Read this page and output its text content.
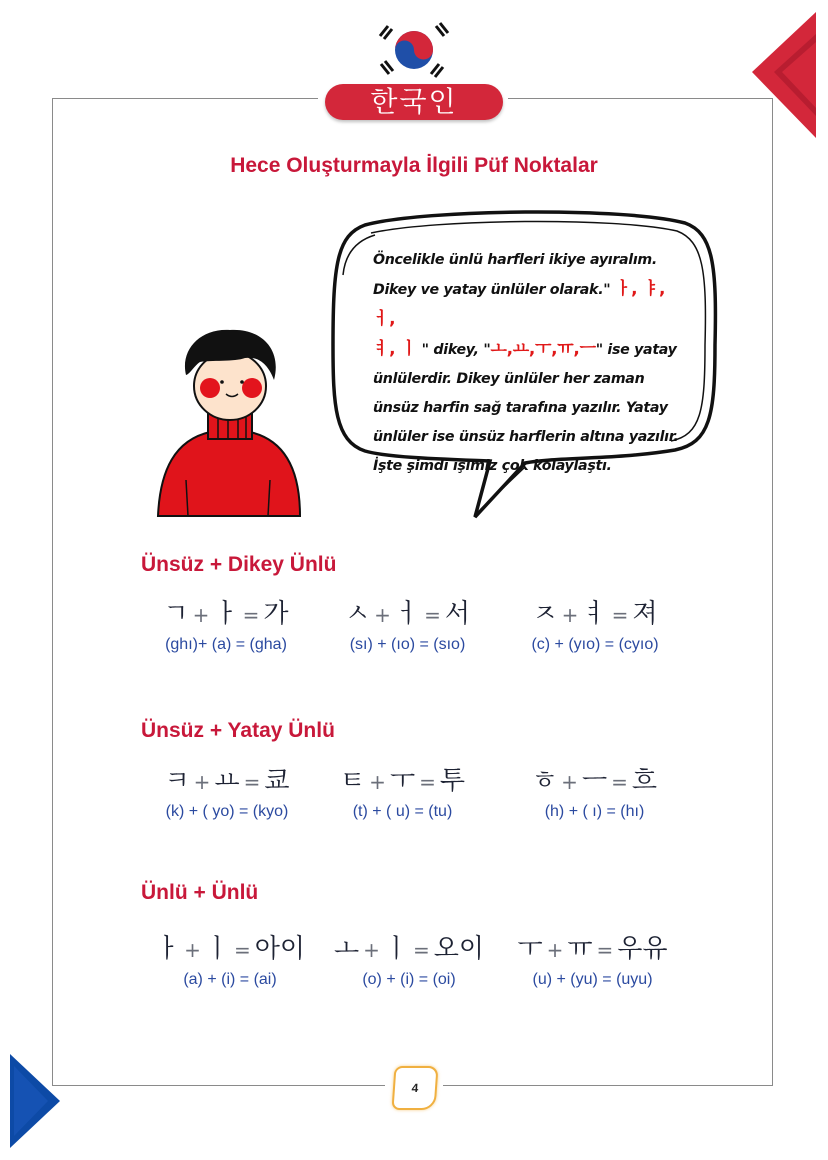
한국인
Hece Oluşturmayla İlgili Püf Noktalar
Öncelikle ünlü harfleri ikiye ayıralım.
Dikey ve yatay ünlüler olarak." ㅏ, ㅑ, ㅓ,
ㅕ, ㅣ " dikey, "ㅗ,ㅛ,ㅜ,ㅠ,ㅡ" ise yatay
ünlülerdir. Dikey ünlüler her zaman
ünsüz harfin sağ tarafına yazılır. Yatay
ünlüler ise ünsüz harflerin altına yazılır.
İşte şimdi işimiz çok kolaylaştı.
Ünsüz + Dikey Ünlü
ㄱ + ㅏ = 가
(ghı)+ (a) = (gha)
ㅅ + ㅓ = 서
(sı) + (ıo) = (sıo)
ㅈ + ㅕ = 져
(c) + (yıo) = (cyıo)
Ünsüz + Yatay Ünlü
ㅋ + ㅛ = 쿄
(k) + ( yo) = (kyo)
ㅌ + ㅜ = 투
(t) + ( u) = (tu)
ㅎ + ㅡ = 흐
(h) + ( ı) = (hı)
Ünlü + Ünlü
ㅏ + ㅣ = 아이
(a) + (i) = (ai)
ㅗ + ㅣ = 오이
(o) + (i) = (oi)
ㅜ + ㅠ = 우유
(u) + (yu) = (uyu)
4
